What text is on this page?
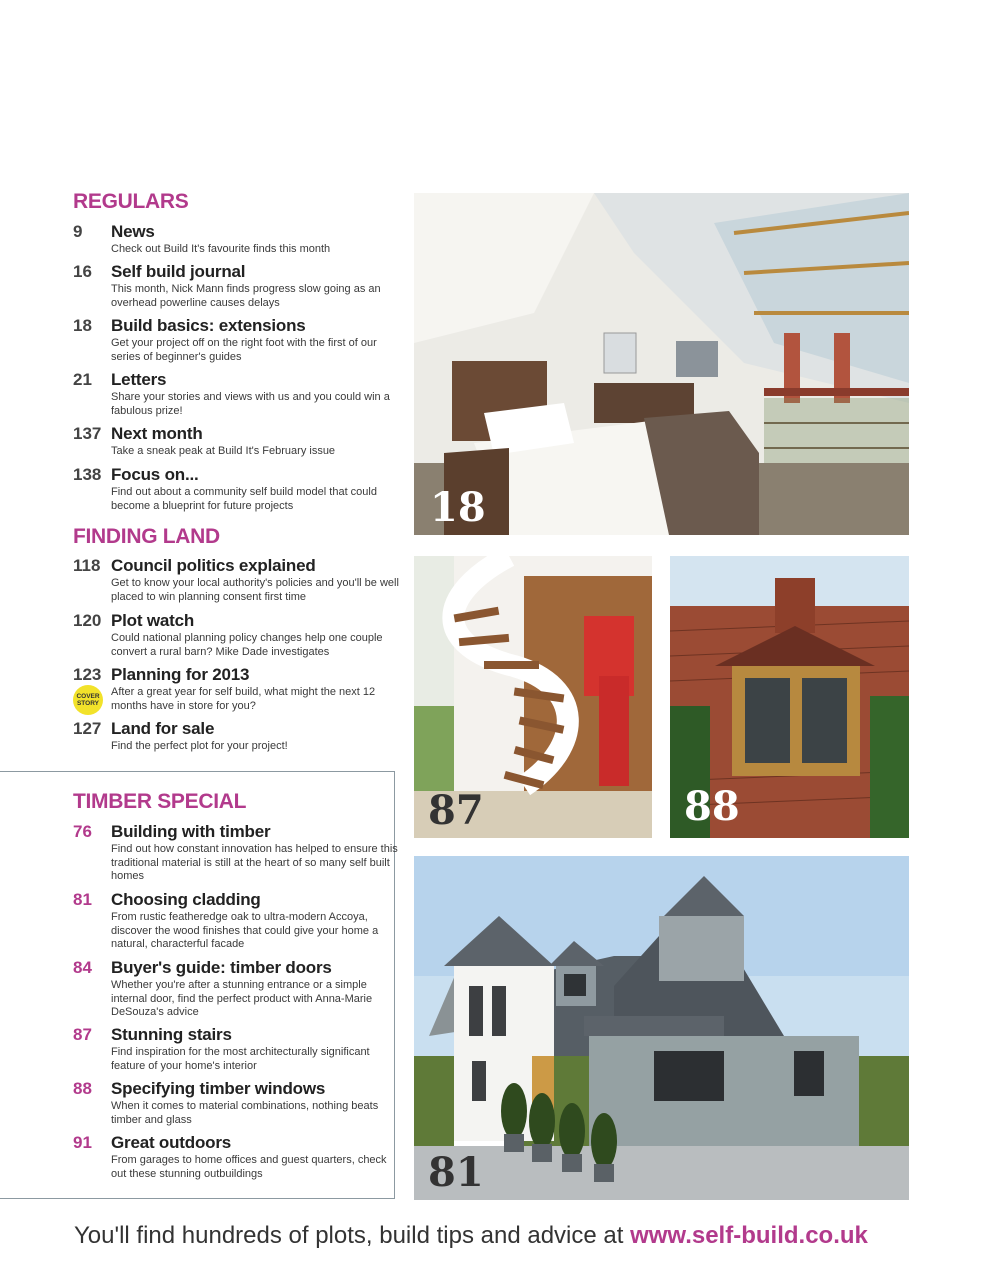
REGULARS
9 News
Check out Build It's favourite finds this month
16 Self build journal
This month, Nick Mann finds progress slow going as an overhead powerline causes delays
18 Build basics: extensions
Get your project off on the right foot with the first of our series of beginner's guides
21 Letters
Share your stories and views with us and you could win a fabulous prize!
137 Next month
Take a sneak peak at Build It's February issue
138 Focus on...
Find out about a community self build model that could become a blueprint for future projects
FINDING LAND
118 Council politics explained
Get to know your local authority's policies and you'll be well placed to win planning consent first time
120 Plot watch
Could national planning policy changes help one couple convert a rural barn? Mike Dade investigates
123 Planning for 2013
After a great year for self build, what might the next 12 months have in store for you?
COVER STORY
127 Land for sale
Find the perfect plot for your project!
TIMBER SPECIAL
76 Building with timber
Find out how constant innovation has helped to ensure this traditional material is still at the heart of so many self built homes
81 Choosing cladding
From rustic featheredge oak to ultra-modern Accoya, discover the wood finishes that could give your home a natural, characterful facade
84 Buyer's guide: timber doors
Whether you're after a stunning entrance or a simple internal door, find the perfect product with Anna-Marie DeSouza's advice
87 Stunning stairs
Find inspiration for the most architecturally significant feature of your home's interior
88 Specifying timber windows
When it comes to material combinations, nothing beats timber and glass
91 Great outdoors
From garages to home offices and guest quarters, check out these stunning outbuildings
18
87	88
81
You'll find hundreds of plots, build tips and advice at www.self-build.co.uk
